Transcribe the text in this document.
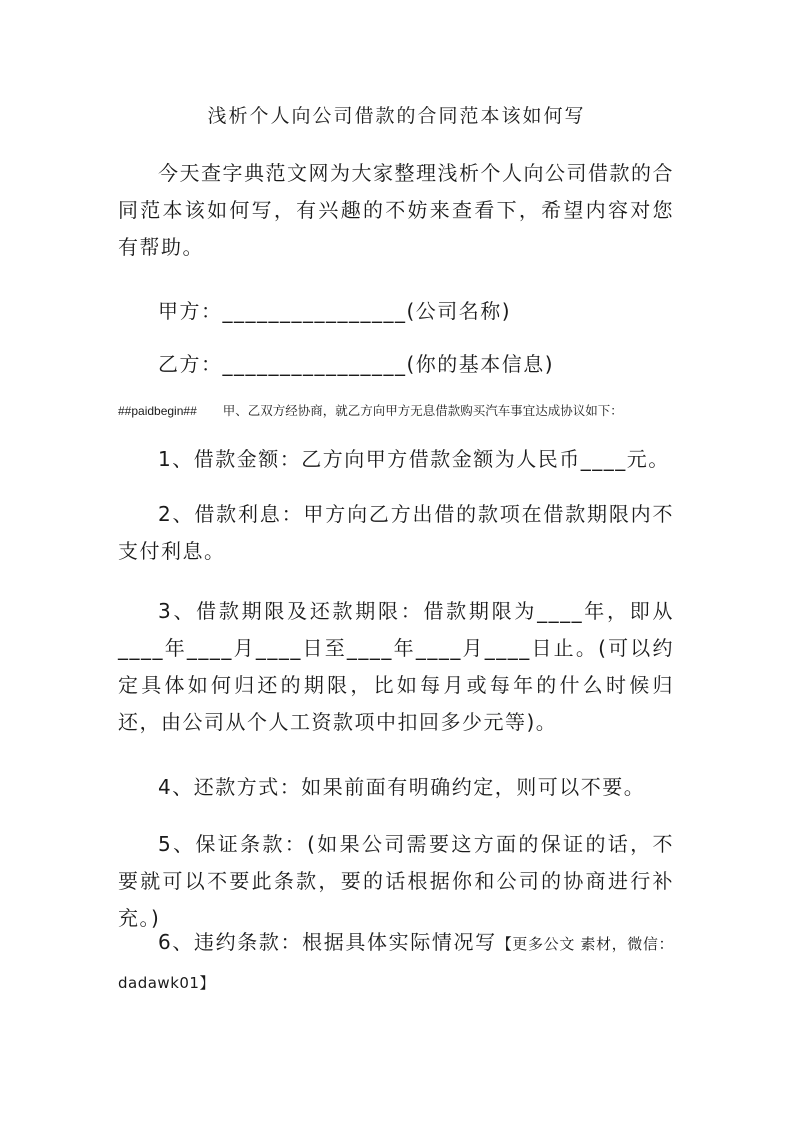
浅析个人向公司借款的合同范本该如何写

今天查字典范文网为大家整理浅析个人向公司借款的合同范本该如何写，有兴趣的不妨来查看下，希望内容对您有帮助。

甲方：________________(公司名称)

乙方：________________(你的基本信息)

##paidbegin## 甲、乙双方经协商，就乙方向甲方无息借款购买汽车事宜达成协议如下：

1、借款金额：乙方向甲方借款金额为人民币____元。

2、借款利息：甲方向乙方出借的款项在借款期限内不支付利息。

3、借款期限及还款期限：借款期限为____年，即从____年____月____日至____年____月____日止。(可以约定具体如何归还的期限，比如每月或每年的什么时候归还，由公司从个人工资款项中扣回多少元等)。

4、还款方式：如果前面有明确约定，则可以不要。

5、保证条款：(如果公司需要这方面的保证的话，不要就可以不要此条款，要的话根据你和公司的协商进行补充。)

6、违约条款：根据具体实际情况写【更多公文 素材，微信：dadawk01】
